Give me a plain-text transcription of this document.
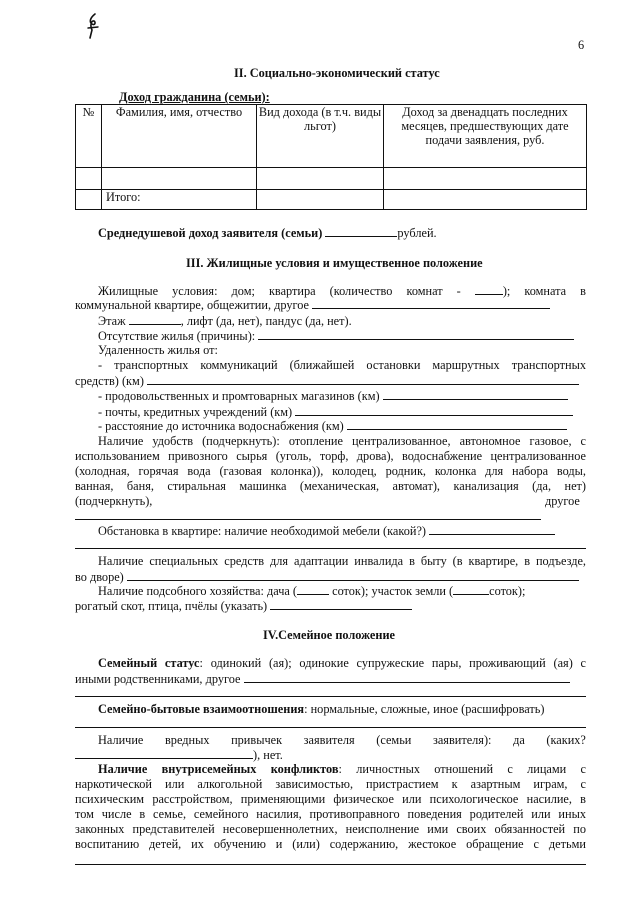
6
II. Социально-экономический статус
Доход гражданина (семьи):
№	Фамилия, имя, отчество	Вид дохода (в т.ч. виды льгот)	Доход за двенадцать последних месяцев, предшествующих дате подачи заявления, руб.

	Итого:		
Среднедушевой доход заявителя (семьи)	рублей.
III. Жилищные условия и имущественное положение
Жилищные условия: дом; квартира (количество комнат -	); комната в
коммунальной квартире, общежитии, другое
Этаж	, лифт (да, нет), пандус (да, нет).
Отсутствие жилья (причины):
Удаленность жилья от:
- транспортных коммуникаций (ближайшей остановки маршрутных транспортных
средств) (км)
- продовольственных и промтоварных магазинов (км)
- почты, кредитных учреждений (км)
- расстояние до источника водоснабжения (км)
Наличие удобств (подчеркнуть): отопление централизованное, автономное газовое, с
использованием привозного сырья (уголь, торф, дрова), водоснабжение централизованное
(холодная, горячая вода (газовая колонка)), колодец, родник, колонка для набора воды,
ванная, баня, стиральная машинка (механическая, автомат), канализация (да, нет)
(подчеркнуть),	другое
Обстановка в квартире: наличие необходимой мебели (какой?)
Наличие специальных средств для адаптации инвалида в быту (в квартире, в подъезде,
во дворе)
Наличие подсобного хозяйства: дача (	соток); участок земли (	соток);
рогатый скот, птица, пчёлы (указать)
IV.Семейное положение
Семейный статус: одинокий (ая); одинокие супружеские пары, проживающий (ая) с
иными родственниками, другое
Семейно-бытовые взаимоотношения: нормальные, сложные, иное (расшифровать)
Наличие вредных привычек заявителя (семьи заявителя): да (каких?
), нет.
Наличие внутрисемейных конфликтов: личностных отношений с лицами с
наркотической или алкогольной зависимостью, пристрастием к азартным играм, с
психическим расстройством, применяющими физическое или психологическое насилие, в
том числе в семье, семейного насилия, противоправного поведения родителей или иных
законных представителей несовершеннолетних, неисполнение ими своих обязанностей по
воспитанию детей, их обучению и (или) содержанию, жестокое обращение с детьми
